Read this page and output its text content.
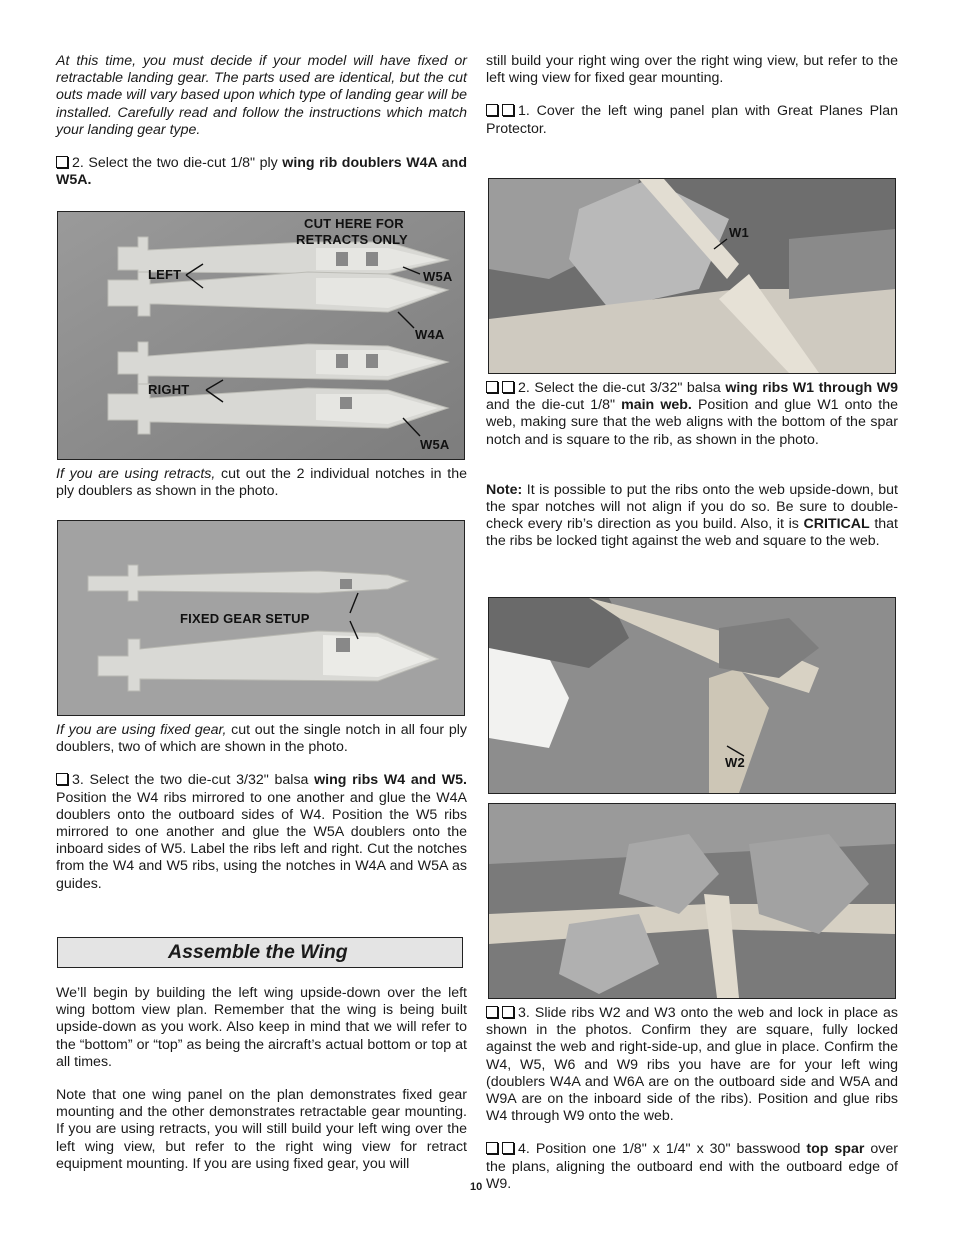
At this time, you must decide if your model will have fixed or retractable landing gear. The parts used are identical, but the cut outs made will vary based upon which type of landing gear will be installed. Carefully read and follow the instructions which match your landing gear type.

2. Select the two die-cut 1/8" ply wing rib doublers W4A and W5A.

CUT HERE FOR
RETRACTS ONLY
LEFT	W5A
W4A
RIGHT
W5A

If you are using retracts, cut out the 2 individual notches in the ply doublers as shown in the photo.

FIXED GEAR SETUP

If you are using fixed gear, cut out the single notch in all four ply doublers, two of which are shown in the photo.

3. Select the two die-cut 3/32" balsa wing ribs W4 and W5. Position the W4 ribs mirrored to one another and glue the W4A doublers onto the outboard sides of W4. Position the W5 ribs mirrored to one another and glue the W5A doublers onto the inboard sides of W5. Label the ribs left and right. Cut the notches from the W4 and W5 ribs, using the notches in W4A and W5A as guides.

Assemble the Wing

We’ll begin by building the left wing upside-down over the left wing bottom view plan. Remember that the wing is being built upside-down as you work. Also keep in mind that we will refer to the “bottom” or “top” as being the aircraft’s actual bottom or top at all times.

Note that one wing panel on the plan demonstrates fixed gear mounting and the other demonstrates retractable gear mounting. If you are using retracts, you will still build your left wing over the left wing view, but refer to the right wing view for retract equipment mounting. If you are using fixed gear, you will

still build your right wing over the right wing view, but refer to the left wing view for fixed gear mounting.

1. Cover the left wing panel plan with Great Planes Plan Protector.

W1

2. Select the die-cut 3/32" balsa wing ribs W1 through W9 and the die-cut 1/8" main web. Position and glue W1 onto the web, making sure that the web aligns with the bottom of the spar notch and is square to the rib, as shown in the photo.

Note: It is possible to put the ribs onto the web upside-down, but the spar notches will not align if you do so. Be sure to double-check every rib’s direction as you build. Also, it is CRITICAL that the ribs be locked tight against the web and square to the web.

W2

3. Slide ribs W2 and W3 onto the web and lock in place as shown in the photos. Confirm they are square, fully locked against the web and right-side-up, and glue in place. Confirm the W4, W5, W6 and W9 ribs you have are for your left wing (doublers W4A and W6A are on the outboard side and W5A and W9A are on the inboard side of the ribs). Position and glue ribs W4 through W9 onto the web.

4. Position one 1/8" x 1/4" x 30" basswood top spar over the plans, aligning the outboard end with the outboard edge of W9.

10
